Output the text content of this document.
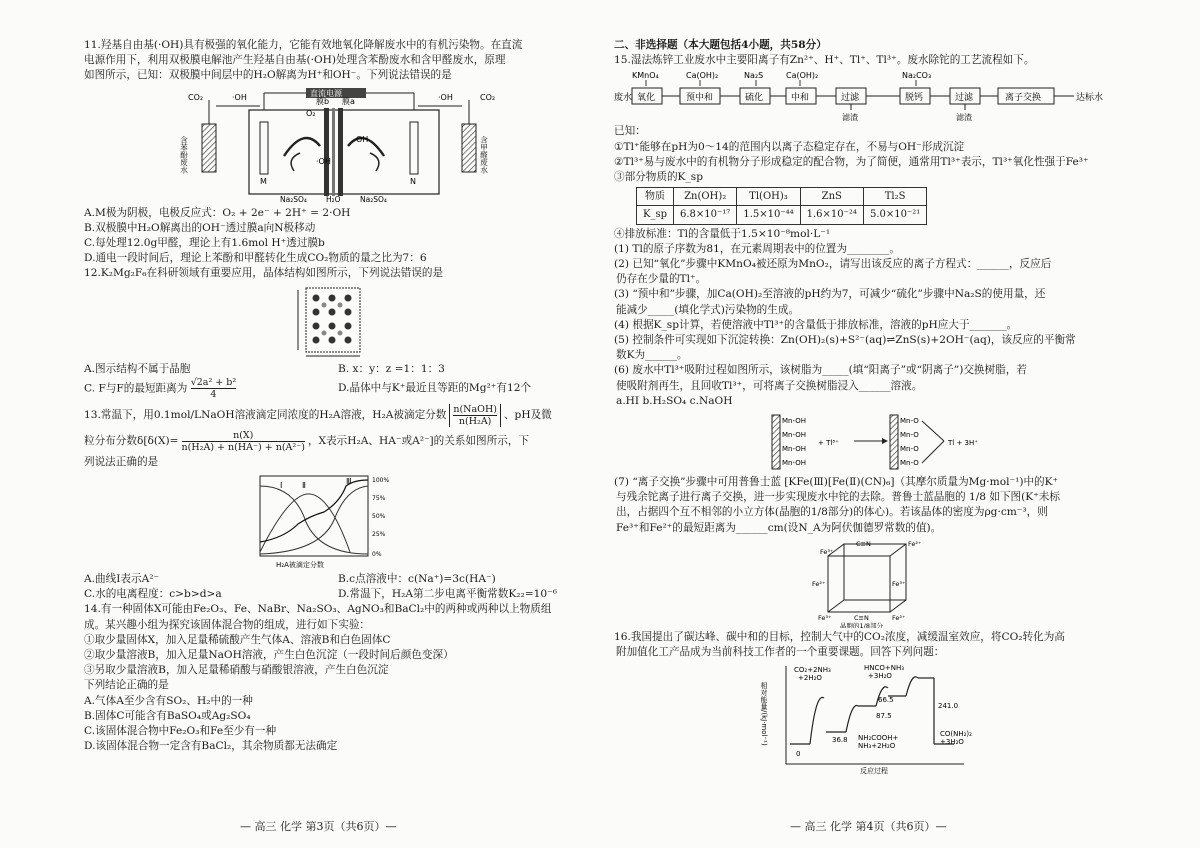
11.羟基自由基(·OH)具有极强的氧化能力，它能有效地氧化降解废水中的有机污染物。在直流
电源作用下，利用双极膜电解池产生羟基自由基(·OH)处理含苯酚废水和含甲醛废水，原理
如图所示，已知：双极膜中间层中的H₂O解离为H⁺和OH⁻。下列说法错误的是
直流电源
O₂
膜b 膜a
M	N
·OH
OH
CO₂	·OH	·OH	CO₂
含苯酚废水	含甲醛废水
Na₂SO₄	H₂O	Na₂SO₄
A.M极为阴极，电极反应式：O₂ + 2e⁻ + 2H⁺ = 2·OH
B.双极膜中H₂O解离出的OH⁻透过膜a向N极移动
C.每处理12.0g甲醛，理论上有1.6mol H⁺透过膜b
D.通电一段时间后，理论上苯酚和甲醛转化生成CO₂物质的量之比为7：6
12.K₂Mg₂F₆在科研领域有重要应用，晶体结构如图所示，下列说法错误的是
A.图示结构不属于晶胞	B. x：y：z =1：1：3
C. F与F的最短距离为 $\frac{\text{√2a² + b²}}{4}$	D.晶体中与K⁺最近且等距的Mg²⁺有12个
13.常温下，用0.1mol/LNaOH溶液滴定同浓度的H₂A溶液，H₂A被滴定分数 n(NaOH)
n(H₂A)
、pH及微
粒分布分数$\delta[\delta(X)= \frac{n(X)}{\text{n(H₂A) + n(HA⁻) + n(A²⁻)}}$ ，X表示H₂A、HA⁻或A²⁻]的关系如图所示，下
列说法正确的是
Ⅰ Ⅱ	Ⅲ	100%
75%
50%
25%
0%
H₂A被滴定分数
A.曲线Ⅰ表示A²⁻	B.c点溶液中：c(Na⁺)=3c(HA⁻)
C.水的电离程度：c>b>d>a	D.常温下，H₂A第二步电离平衡常数K₂₂=10⁻⁶
14.有一种固体X可能由Fe₂O₃、Fe、NaBr、Na₂SO₃、AgNO₃和BaCl₂中的两种或两种以上物质组
成。某兴趣小组为探究该固体混合物的组成，进行如下实验：
①取少量固体X，加入足量稀硫酸产生气体A、溶液B和白色固体C
②取少量溶液B，加入足量NaOH溶液，产生白色沉淀（一段时间后颜色变深）
③另取少量溶液B，加入足量稀硝酸与硝酸银溶液，产生白色沉淀
下列结论正确的是
A.气体A至少含有SO₂、H₂中的一种
B.固体C可能含有BaSO₄或Ag₂SO₄
C.该固体混合物中Fe₂O₃和Fe至少有一种
D.该固体混合物一定含有BaCl₂，其余物质都无法确定
— 高三 化学 第3页（共6页）—
二、非选择题（本大题包括4小题，共58分）
15.湿法炼锌工业废水中主要阳离子有Zn²⁺、H⁺、Tl⁺、Tl³⁺。废水除铊的工艺流程如下。
KMnO₄	Ca(OH)₂	Na₂S	Ca(OH)₂	Na₂CO₃
废水 氧化	预中和	硫化	中和	过滤	脱钙	过滤	离子交换	达标水
滤渣	滤渣
已知：
①Tl⁺能够在pH为0～14的范围内以离子态稳定存在，不易与OH⁻形成沉淀
②Tl³⁺易与废水中的有机物分子形成稳定的配合物，为了简便，通常用Tl³⁺表示，Tl³⁺氧化性强于Fe³⁺
③部分物质的K_sp
物质	Zn(OH)₂	Tl(OH)₃	ZnS	Tl₂S
K_sp	6.8×10⁻¹⁷	1.5×10⁻⁴⁴	1.6×10⁻²⁴	5.0×10⁻²¹
④排放标准：Tl的含量低于1.5×10⁻⁸mol·L⁻¹
(1) Tl的原子序数为81，在元素周期表中的位置为________。
(2) 已知“氧化”步骤中KMnO₄被还原为MnO₂，请写出该反应的离子方程式：______，反应后
仍存在少量的Tl⁺。
(3) “预中和”步骤，加Ca(OH)₂至溶液的pH约为7，可减少“硫化”步骤中Na₂S的使用量，还
能减少_____(填化学式)污染物的生成。
(4) 根据K_sp计算，若使溶液中Tl³⁺的含量低于排放标准，溶液的pH应大于_______。
(5) 控制条件可实现如下沉淀转换：Zn(OH)₂(s)+S²⁻(aq)⇌ZnS(s)+2OH⁻(aq)，该反应的平衡常
数K为______。
(6) 废水中Tl³⁺吸附过程如图所示，该树脂为_____(填“阳离子”或“阴离子”)交换树脂，若
使吸附剂再生，且回收Tl³⁺，可将离子交换树脂浸入______溶液。
a.HI b.H₂SO₄ c.NaOH
Mn-OH
Mn-OH
Mn-OH
Mn-OH
+ Tl³⁺
Mn-O
Mn-O
Mn-O
Mn-O
Tl + 3H⁺
(7) “离子交换”步骤中可用普鲁士蓝 [KFe(Ⅲ)[Fe(Ⅱ)(CN)₆]（其摩尔质量为Mg·mol⁻¹)中的K⁺
与残余铊离子进行离子交换，进一步实现废水中铊的去除。普鲁士蓝晶胞的 1/8 如下图(K⁺未标
出，占据四个互不相邻的小立方体(晶胞的1/8部分)的体心)。若该晶体的密度为ρg·cm⁻³，则
Fe³⁺和Fe²⁺的最短距离为______cm(设N_A为阿伏伽德罗常数的值)。
Fe³⁺
C≡N	Fe²⁺
Fe²⁺	Fe³⁺
Fe³⁺	C≡N	Fe²⁺
晶胞的1/8部分
16.我国提出了碳达峰、碳中和的目标，控制大气中的CO₂浓度，减缓温室效应，将CO₂转化为高
附加值化工产品成为当前科技工作者的一个重要课题。回答下列问题：
相对能量/(kJ·mol⁻¹)
反应过程
CO₂+2NH₃
+2H₂O
HNCO+NH₃
+3H₂O
NH₂COOH+
NH₃+2H₂O
CO(NH₂)₂
+3H₂O
0
36.8
66.5
87.5
241.0
— 高三 化学 第4页（共6页）—
